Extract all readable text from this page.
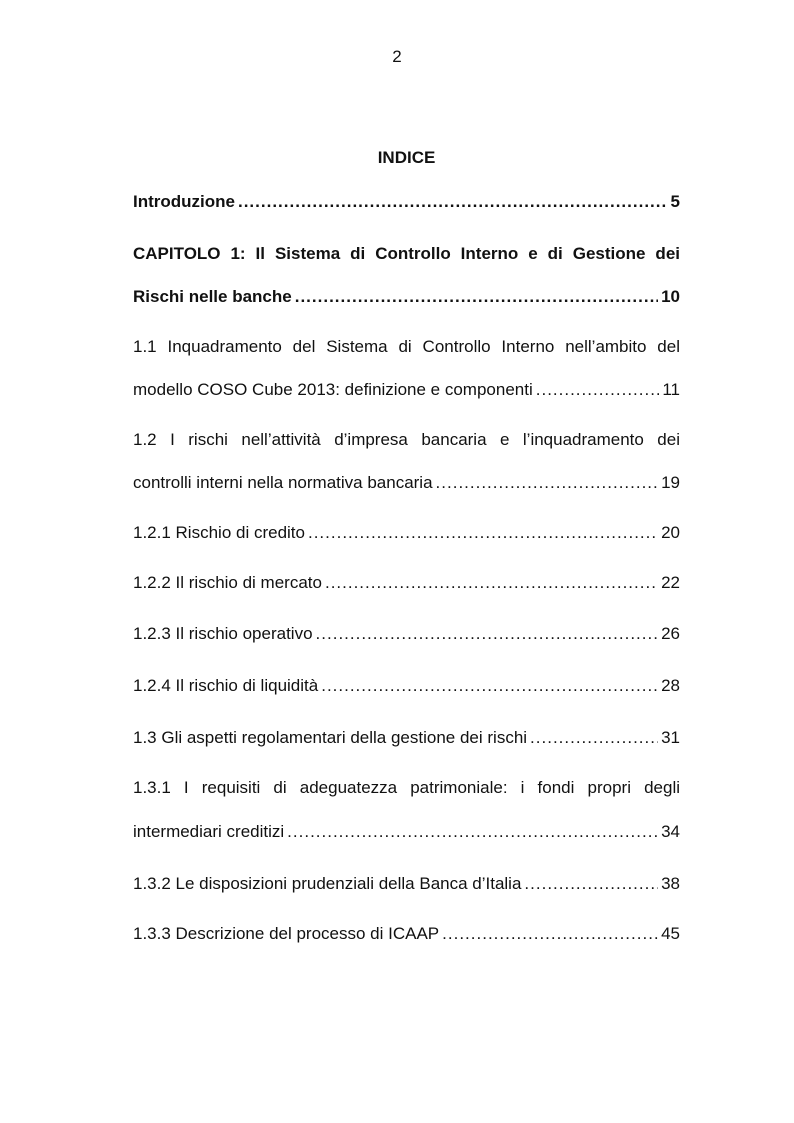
2
INDICE
Introduzione .....	5
CAPITOLO 1: Il Sistema di Controllo Interno e di Gestione dei
Rischi nelle banche .....	10
1.1 Inquadramento del Sistema di Controllo Interno nell’ambito del
modello COSO Cube 2013: definizione e componenti .....	11
1.2 I rischi nell’attività d’impresa bancaria e l’inquadramento dei
controlli interni nella normativa bancaria .....	19
1.2.1 Rischio di credito .....	20
1.2.2 Il rischio di mercato .....	22
1.2.3 Il rischio operativo .....	26
1.2.4 Il rischio di liquidità .....	28
1.3 Gli aspetti regolamentari della gestione dei rischi .....	31
1.3.1 I requisiti di adeguatezza patrimoniale: i fondi propri degli
intermediari creditizi .....	34
1.3.2 Le disposizioni prudenziali della Banca d’Italia .....	38
1.3.3 Descrizione del processo di ICAAP .....	45
